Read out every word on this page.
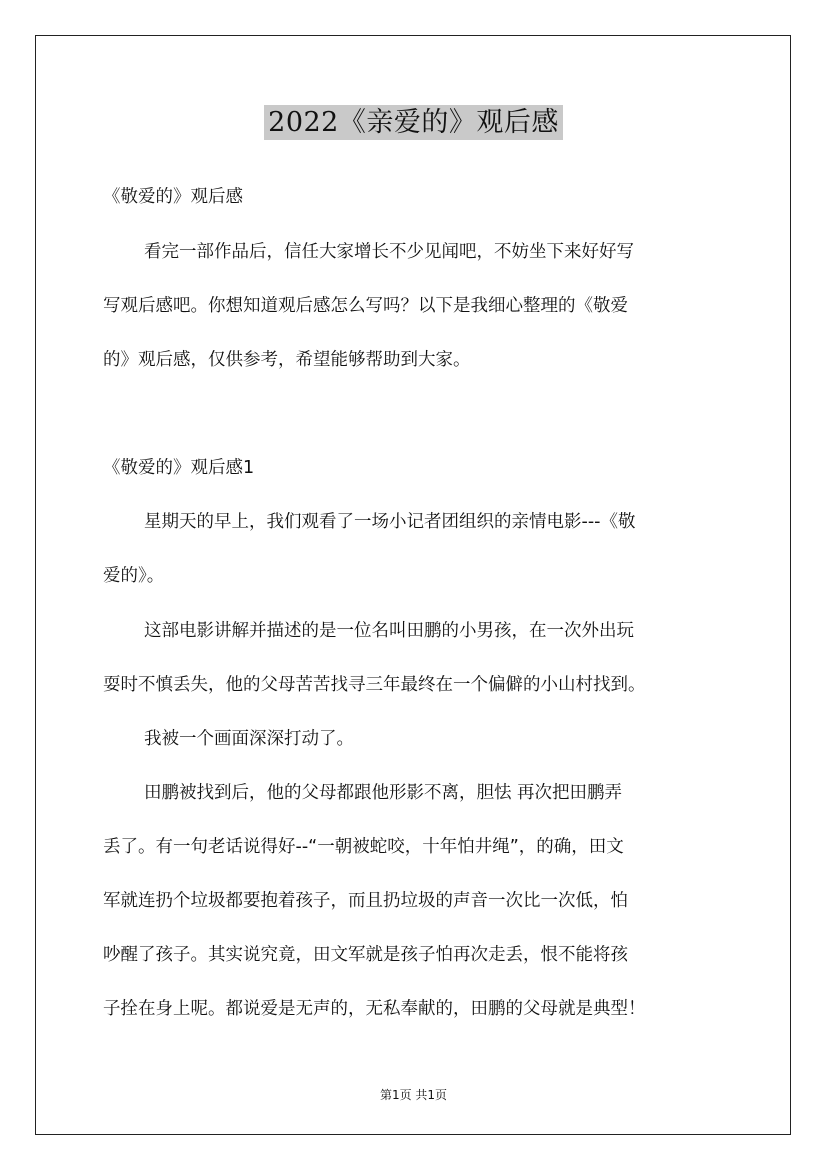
2022《亲爱的》观后感
《敬爱的》观后感
看完一部作品后，信任大家增长不少见闻吧，不妨坐下来好好写
写观后感吧。你想知道观后感怎么写吗？以下是我细心整理的《敬爱
的》观后感，仅供参考，希望能够帮助到大家。
《敬爱的》观后感1
星期天的早上，我们观看了一场小记者团组织的亲情电影---《敬
爱的》。
这部电影讲解并描述的是一位名叫田鹏的小男孩，在一次外出玩
耍时不慎丢失，他的父母苦苦找寻三年最终在一个偏僻的小山村找到。
我被一个画面深深打动了。
田鹏被找到后，他的父母都跟他形影不离，胆怯 再次把田鹏弄
丢了。有一句老话说得好--“一朝被蛇咬，十年怕井绳”，的确，田文
军就连扔个垃圾都要抱着孩子，而且扔垃圾的声音一次比一次低，怕
吵醒了孩子。其实说究竟，田文军就是孩子怕再次走丢，恨不能将孩
子拴在身上呢。都说爱是无声的，无私奉献的，田鹏的父母就是典型！
第1页 共1页
